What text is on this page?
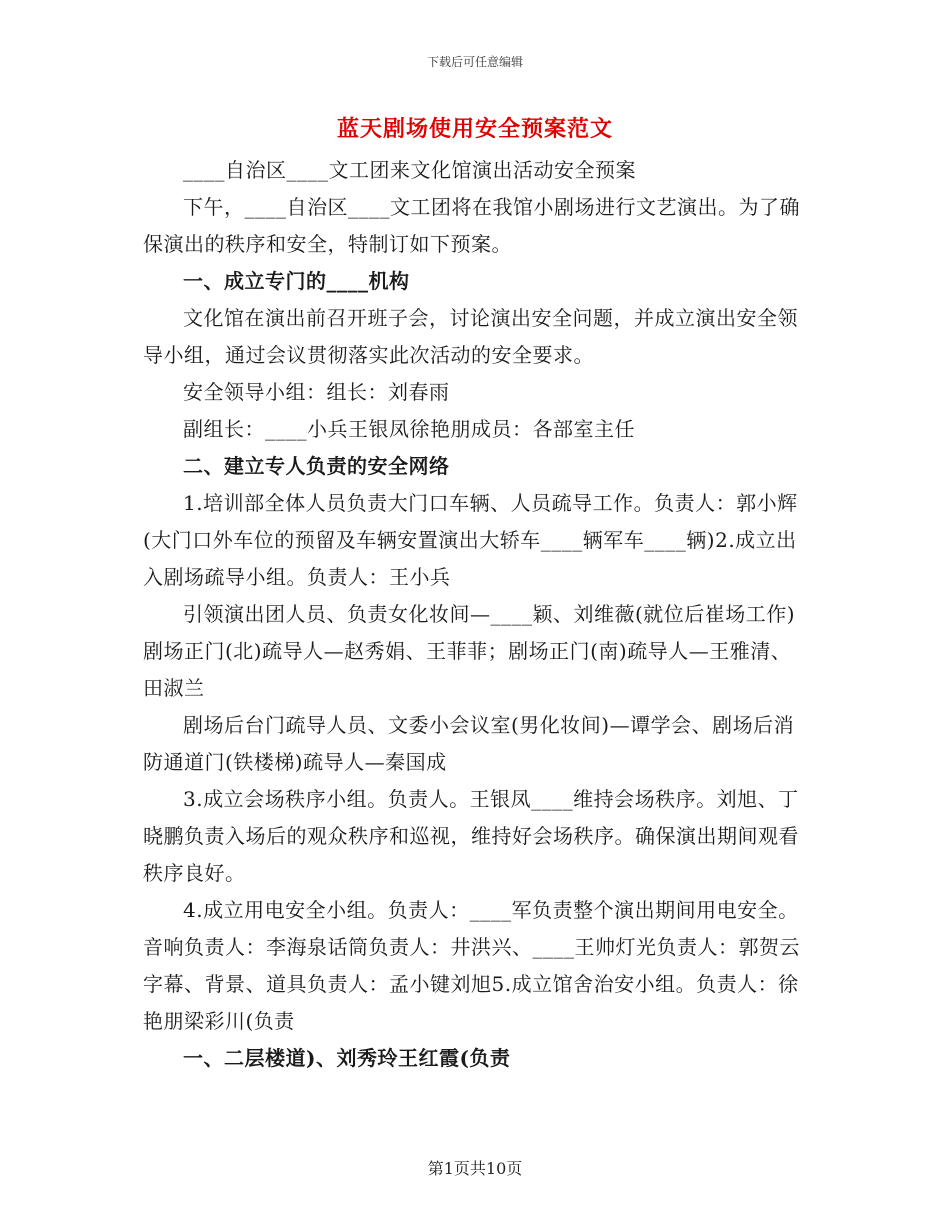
下载后可任意编辑
蓝天剧场使用安全预案范文

____自治区____文工团来文化馆演出活动安全预案

下午，____自治区____文工团将在我馆小剧场进行文艺演出。为了确保演出的秩序和安全，特制订如下预案。

一、成立专门的____机构

文化馆在演出前召开班子会，讨论演出安全问题，并成立演出安全领导小组，通过会议贯彻落实此次活动的安全要求。

安全领导小组：组长：刘春雨

副组长：____小兵王银凤徐艳朋成员：各部室主任

二、建立专人负责的安全网络

1.培训部全体人员负责大门口车辆、人员疏导工作。负责人：郭小辉(大门口外车位的预留及车辆安置演出大轿车____辆军车____辆)2.成立出入剧场疏导小组。负责人：王小兵

引领演出团人员、负责女化妆间—____颖、刘维薇(就位后崔场工作)剧场正门(北)疏导人—赵秀娟、王菲菲；剧场正门(南)疏导人—王雅清、田淑兰

剧场后台门疏导人员、文委小会议室(男化妆间)—谭学会、剧场后消防通道门(铁楼梯)疏导人—秦国成

3.成立会场秩序小组。负责人。王银凤____维持会场秩序。刘旭、丁晓鹏负责入场后的观众秩序和巡视，维持好会场秩序。确保演出期间观看秩序良好。

4.成立用电安全小组。负责人：____军负责整个演出期间用电安全。音响负责人：李海泉话筒负责人：井洪兴、____王帅灯光负责人：郭贺云字幕、背景、道具负责人：孟小键刘旭5.成立馆舍治安小组。负责人：徐艳朋梁彩川(负责

一、二层楼道)、刘秀玲王红霞(负责

第1页共10页
